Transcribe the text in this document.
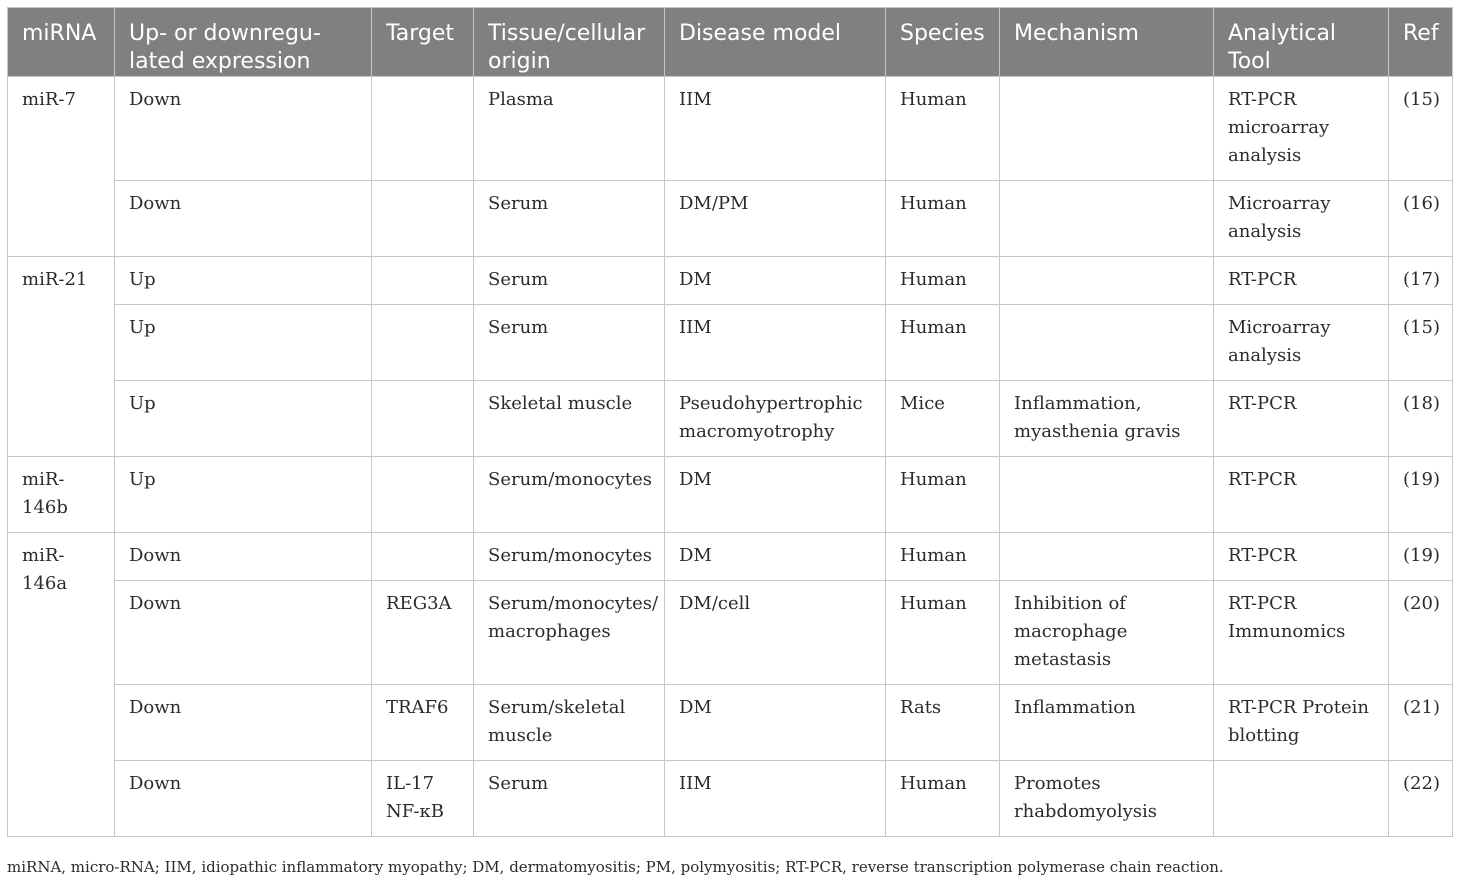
miRNA	Up- or downregu-lated expression	Target	Tissue/cellular origin	Disease model	Species	Mechanism	Analytical Tool	Ref
miR-7	Down		Plasma	IIM	Human		RT-PCR microarray analysis	(15)
	Down		Serum	DM/PM	Human		Microarray analysis	(16)
miR-21	Up		Serum	DM	Human		RT-PCR	(17)
	Up		Serum	IIM	Human		Microarray analysis	(15)
	Up		Skeletal muscle	Pseudohypertrophic macromyotrophy	Mice	Inflammation, myasthenia gravis	RT-PCR	(18)
miR-146b	Up		Serum/monocytes	DM	Human		RT-PCR	(19)
miR-146a	Down		Serum/monocytes	DM	Human		RT-PCR	(19)
	Down	REG3A	Serum/monocytes/ macrophages	DM/cell	Human	Inhibition of macrophage metastasis	RT-PCR Immunomics	(20)
	Down	TRAF6	Serum/skeletal muscle	DM	Rats	Inflammation	RT-PCR Protein blotting	(21)
	Down	IL-17 NF-κB	Serum	IIM	Human	Promotes rhabdomyolysis		(22)
miRNA, micro-RNA; IIM, idiopathic inflammatory myopathy; DM, dermatomyositis; PM, polymyositis; RT-PCR, reverse transcription polymerase chain reaction.
